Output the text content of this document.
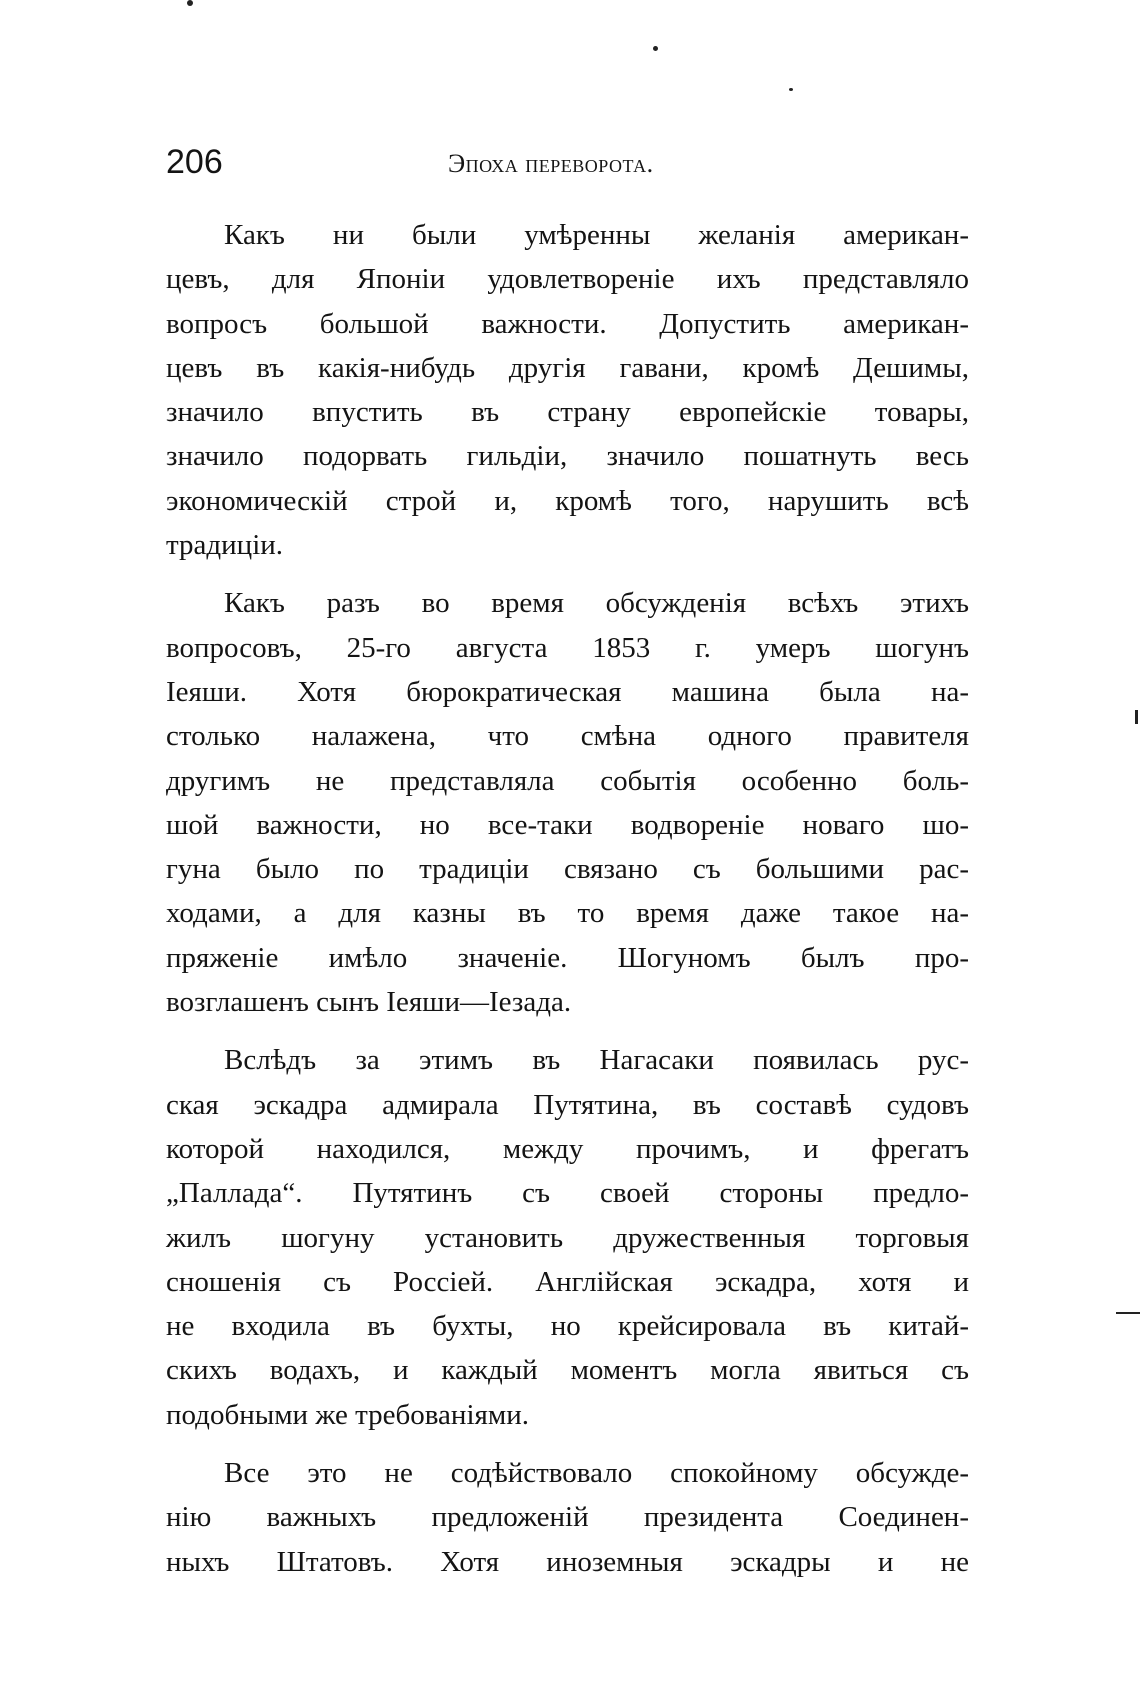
206	Эпоха переворота.
Какъ ни были умѣренны желанія американ-
цевъ, для Японіи удовлетвореніе ихъ представляло
вопросъ большой важности. Допустить американ-
цевъ въ какія-нибудь другія гавани, кромѣ Дешимы,
значило впустить въ страну европейскіе товары,
значило подорвать гильдіи, значило пошатнуть весь
экономическій строй и, кромѣ того, нарушить всѣ
традиціи.
Какъ разъ во время обсужденія всѣхъ этихъ
вопросовъ, 25-го августа 1853 г. умеръ шогунъ
Іеяши. Хотя бюрократическая машина была на-
столько налажена, что смѣна одного правителя
другимъ не представляла событія особенно боль-
шой важности, но все-таки водвореніе новаго шо-
гуна было по традиціи связано съ большими рас-
ходами, а для казны въ то время даже такое на-
пряженіе имѣло значеніе. Шогуномъ былъ про-
возглашенъ сынъ Іеяши—Іезада.
Вслѣдъ за этимъ въ Нагасаки появилась рус-
ская эскадра адмирала Путятина, въ составѣ судовъ
которой находился, между прочимъ, и фрегатъ
„Паллада“. Путятинъ съ своей стороны предло-
жилъ шогуну установить дружественныя торговыя
сношенія съ Россіей. Англійская эскадра, хотя и
не входила въ бухты, но крейсировала въ китай-
скихъ водахъ, и каждый моментъ могла явиться съ
подобными же требованіями.
Все это не содѣйствовало спокойному обсужде-
нію важныхъ предложеній президента Соединен-
ныхъ Штатовъ. Хотя иноземныя эскадры и не
